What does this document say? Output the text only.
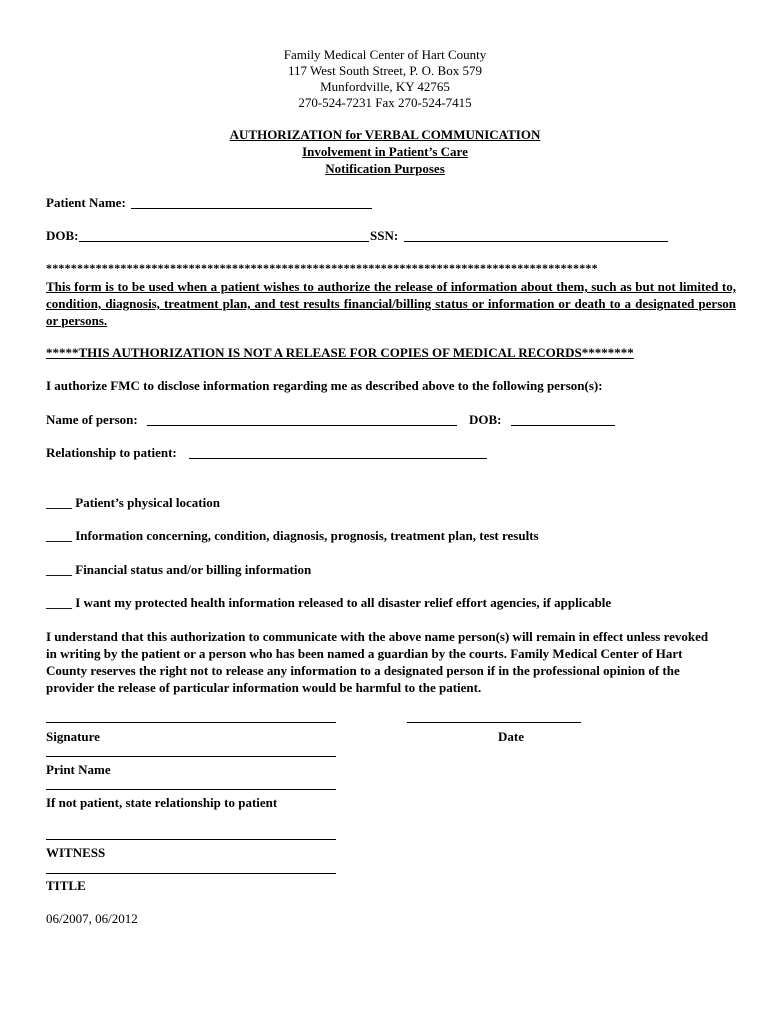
Family Medical Center of Hart County
117 West South Street, P. O. Box 579
Munfordville, KY 42765
270-524-7231 Fax 270-524-7415
AUTHORIZATION for VERBAL COMMUNICATION
Involvement in Patient’s Care
Notification Purposes
Patient Name:
DOB:	SSN:
*****************************************************************************************
This form is to be used when a patient wishes to authorize the release of information about them, such as but not limited to, condition, diagnosis, treatment plan, and test results financial/billing status or information or death to a designated person or persons.
*****THIS AUTHORIZATION IS NOT A RELEASE FOR COPIES OF MEDICAL RECORDS********
I authorize FMC to disclose information regarding me as described above to the following person(s):
Name of person:	DOB:
Relationship to patient:
____ Patient’s physical location
____ Information concerning, condition, diagnosis, prognosis, treatment plan, test results
____ Financial status and/or billing information
____ I want my protected health information released to all disaster relief effort agencies, if applicable
I understand that this authorization to communicate with the above name person(s) will remain in effect unless revoked in writing by the patient or a person who has been named a guardian by the courts. Family Medical Center of Hart County reserves the right not to release any information to a designated person if in the professional opinion of the provider the release of particular information would be harmful to the patient.
Signature	Date
Print Name
If not patient, state relationship to patient
WITNESS
TITLE
06/2007, 06/2012
